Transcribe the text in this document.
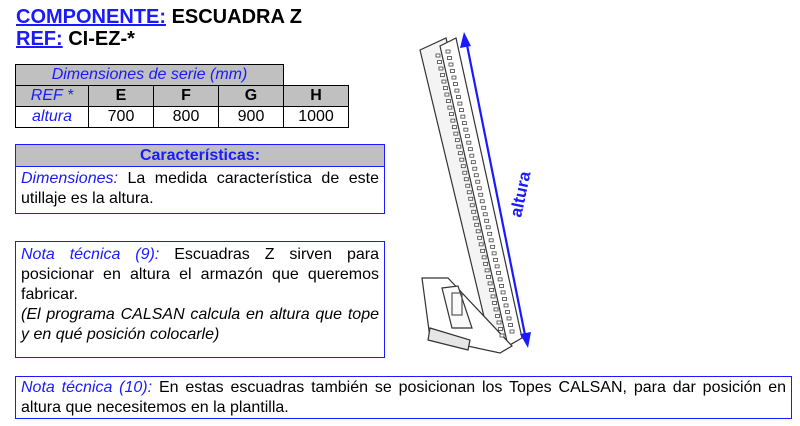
COMPONENTE: ESCUADRA Z
REF: CI-EZ-*
Dimensiones de serie (mm)				
REF *	E	F	G	H
altura	700	800	900	1000
Características:
Dimensiones: La medida característica de este utillaje es la altura.
Nota técnica (9): Escuadras Z sirven para posicionar en altura el armazón que queremos fabricar.
(El programa CALSAN calcula en altura que tope y en qué posición colocarle)
Nota técnica (10): En estas escuadras también se posicionan los Topes CALSAN, para dar posición en altura que necesitemos en la plantilla.
altura
